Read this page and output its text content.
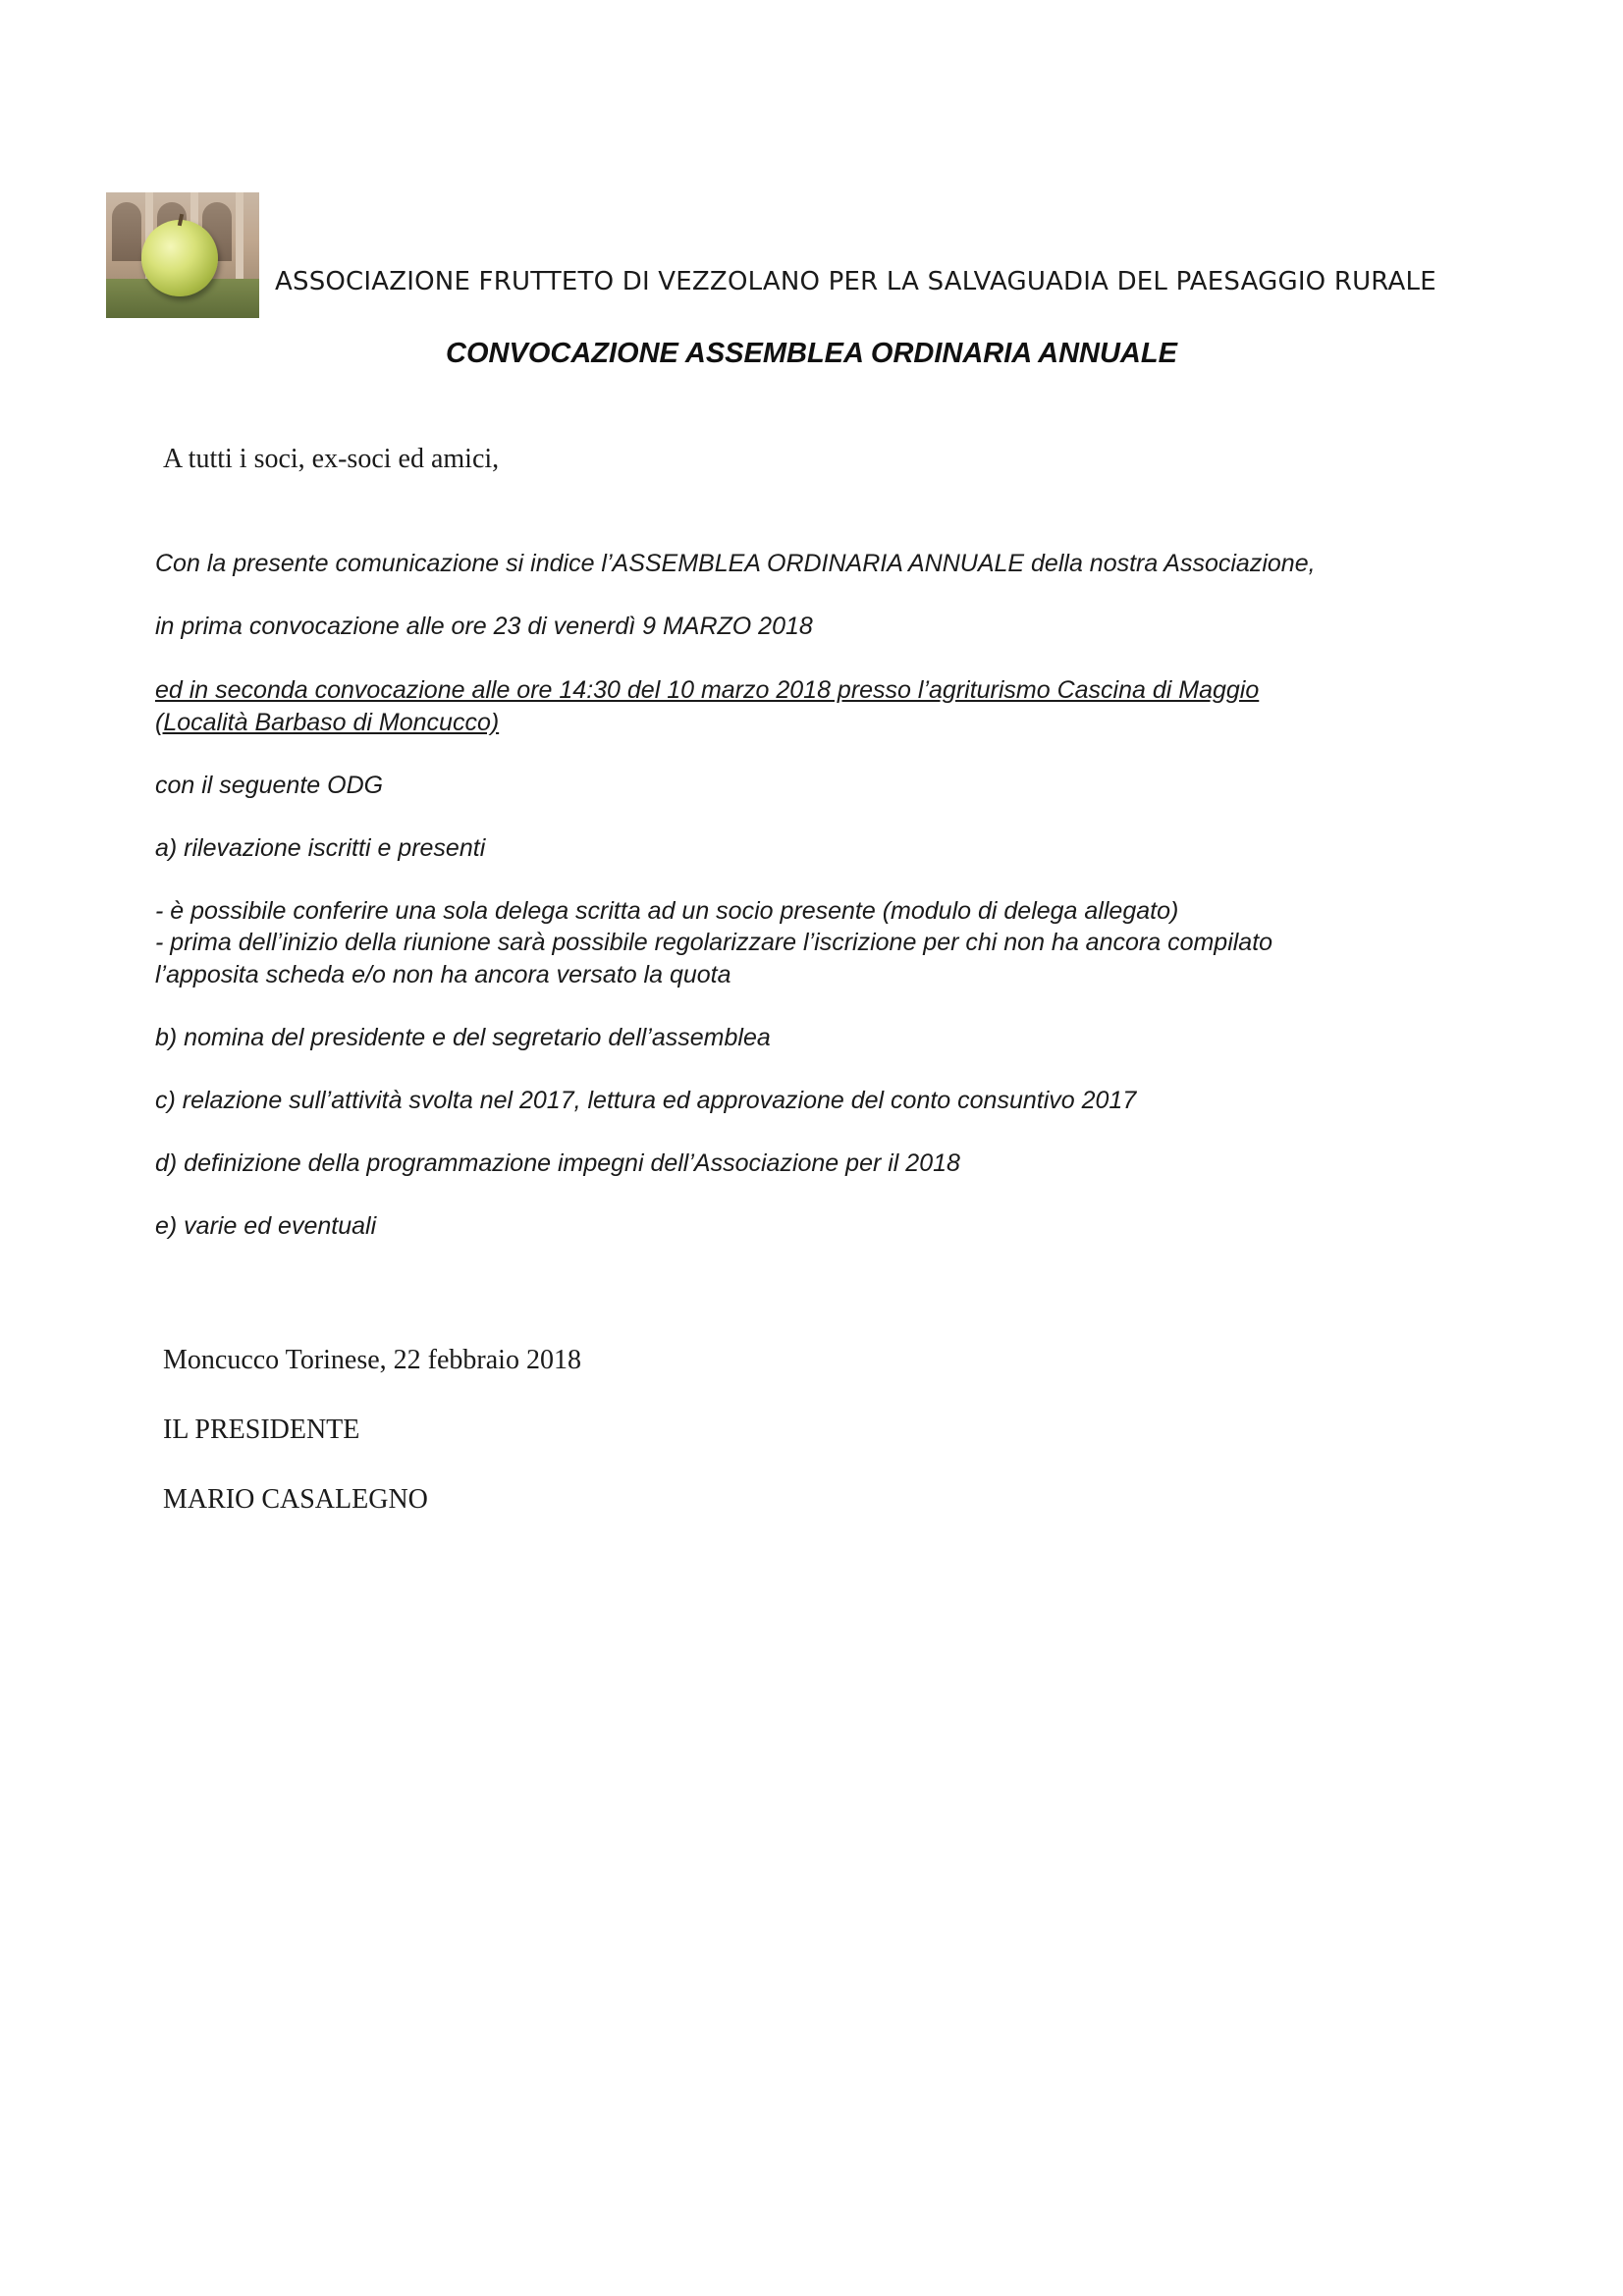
ASSOCIAZIONE FRUTTETO DI VEZZOLANO PER LA SALVAGUADIA DEL PAESAGGIO RURALE
CONVOCAZIONE ASSEMBLEA ORDINARIA ANNUALE
A tutti i soci, ex-soci ed amici,
Con la presente comunicazione si indice l’ASSEMBLEA ORDINARIA ANNUALE della nostra Associazione,
in prima convocazione alle ore 23 di venerdì 9 MARZO 2018
ed in seconda convocazione alle ore 14:30 del 10 marzo 2018 presso l’agriturismo Cascina di Maggio
(Località Barbaso di Moncucco)
con il seguente ODG
a) rilevazione iscritti e presenti
- è possibile conferire una sola delega scritta ad un socio presente (modulo di delega allegato)
- prima dell’inizio della riunione sarà possibile regolarizzare l’iscrizione per chi non ha ancora compilato
l’apposita scheda e/o non ha ancora versato la quota
b) nomina del presidente e del segretario dell’assemblea
c) relazione sull’attività svolta nel 2017, lettura ed approvazione del conto consuntivo 2017
d) definizione della programmazione impegni dell’Associazione per il 2018
e) varie ed eventuali
Moncucco Torinese, 22 febbraio 2018
IL PRESIDENTE
MARIO CASALEGNO
